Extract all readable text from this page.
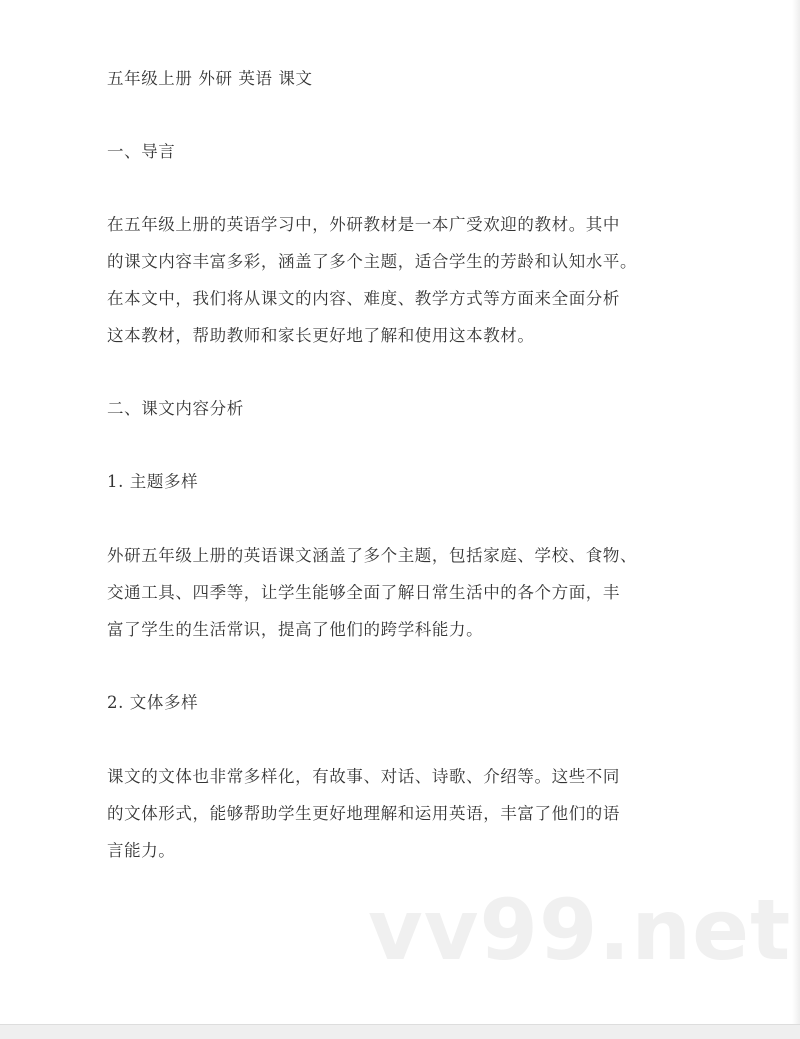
五年级上册 外研 英语 课文
一、导言
在五年级上册的英语学习中，外研教材是一本广受欢迎的教材。其中
的课文内容丰富多彩，涵盖了多个主题，适合学生的芳龄和认知水平。
在本文中，我们将从课文的内容、难度、教学方式等方面来全面分析
这本教材，帮助教师和家长更好地了解和使用这本教材。
二、课文内容分析
1. 主题多样
外研五年级上册的英语课文涵盖了多个主题，包括家庭、学校、食物、
交通工具、四季等，让学生能够全面了解日常生活中的各个方面，丰
富了学生的生活常识，提高了他们的跨学科能力。
2. 文体多样
课文的文体也非常多样化，有故事、对话、诗歌、介绍等。这些不同
的文体形式，能够帮助学生更好地理解和运用英语，丰富了他们的语
言能力。
vv99.net
